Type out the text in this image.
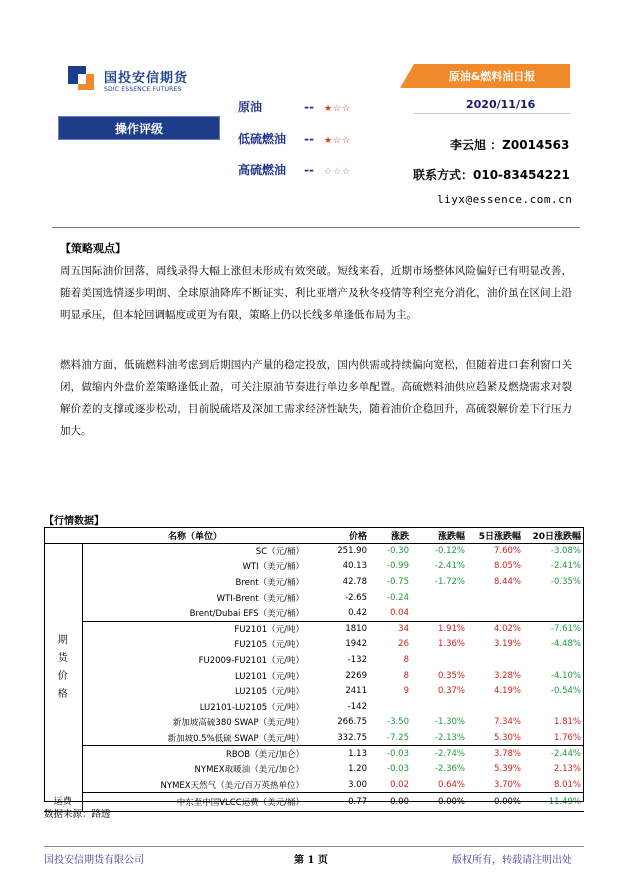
国投安信期货
SDIC ESSENCE FUTURES
原油&燃料油日报
2020/11/16
操作评级
原油	-- ★☆☆
低硫燃油 -- ★☆☆
高硫燃油 -- ☆☆☆
李云旭 ：Z0014563
联系方式：010-83454221
liyx@essence.com.cn
【策略观点】
周五国际油价回落，周线录得大幅上涨但未形成有效突破。短线来看，近期市场整体风险偏好已有明显改善，随着美国选情逐步明朗、全球原油降库不断证实、利比亚增产及秋冬疫情等利空充分消化，油价虽在区间上沿明显承压，但本轮回调幅度或更为有限，策略上仍以长线多单逢低布局为主。
燃料油方面，低硫燃料油考虑到后期国内产量的稳定投放，国内供需或持续偏向宽松，但随着进口套利窗口关闭，做缩内外盘价差策略逢低止盈，可关注原油节奏进行单边多单配置。高硫燃料油供应趋紧及燃烧需求对裂解价差的支撑或逐步松动，目前脱硫塔及深加工需求经济性缺失，随着油价企稳回升，高硫裂解价差下行压力加大。
【行情数据】
	名称（单位）	价格	涨跌	涨跌幅	5日涨跌幅	20日涨跌幅
期
货
价
格	SC（元/桶）	251.90	-0.30	-0.12%	7.60%	-3.08%
	WTI（美元/桶）	40.13	-0.99	-2.41%	8.05%	-2.41%
	Brent（美元/桶）	42.78	-0.75	-1.72%	8.44%	-0.35%
	WTI-Brent（美元/桶）	-2.65	-0.24			
	Brent/Dubai EFS（美元/桶）	0.42	0.04			
	FU2101（元/吨）	1810	34	1.91%	4.02%	-7.61%
	FU2105（元/吨）	1942	26	1.36%	3.19%	-4.48%
	FU2009-FU2101（元/吨）	-132	8			
	LU2101（元/吨）	2269	8	0.35%	3.28%	-4.10%
	LU2105（元/吨）	2411	9	0.37%	4.19%	-0.54%
	LU2101-LU2105（元/吨）	-142				
	新加坡高硫380 SWAP（美元/吨）	266.75	-3.50	-1.30%	7.34%	1.81%
	新加坡0.5%低硫 SWAP（美元/吨）	332.75	-7.25	-2.13%	5.30%	1.76%
	RBOB（美元/加仑）	1.13	-0.03	-2.74%	3.78%	-2.44%
	NYMEX取暖油（美元/加仑）	1.20	-0.03	-2.36%	5.39%	2.13%
	NYMEX天然气（美元/百万英热单位）	3.00	0.02	0.64%	3.70%	8.01%
运费	中东至中国VLCC运费（美元/桶）	0.77	0.00	0.00%	0.00%	-11.49%
数据来源：路透
国投安信期货有限公司	第 1 页	版权所有，转载请注明出处
